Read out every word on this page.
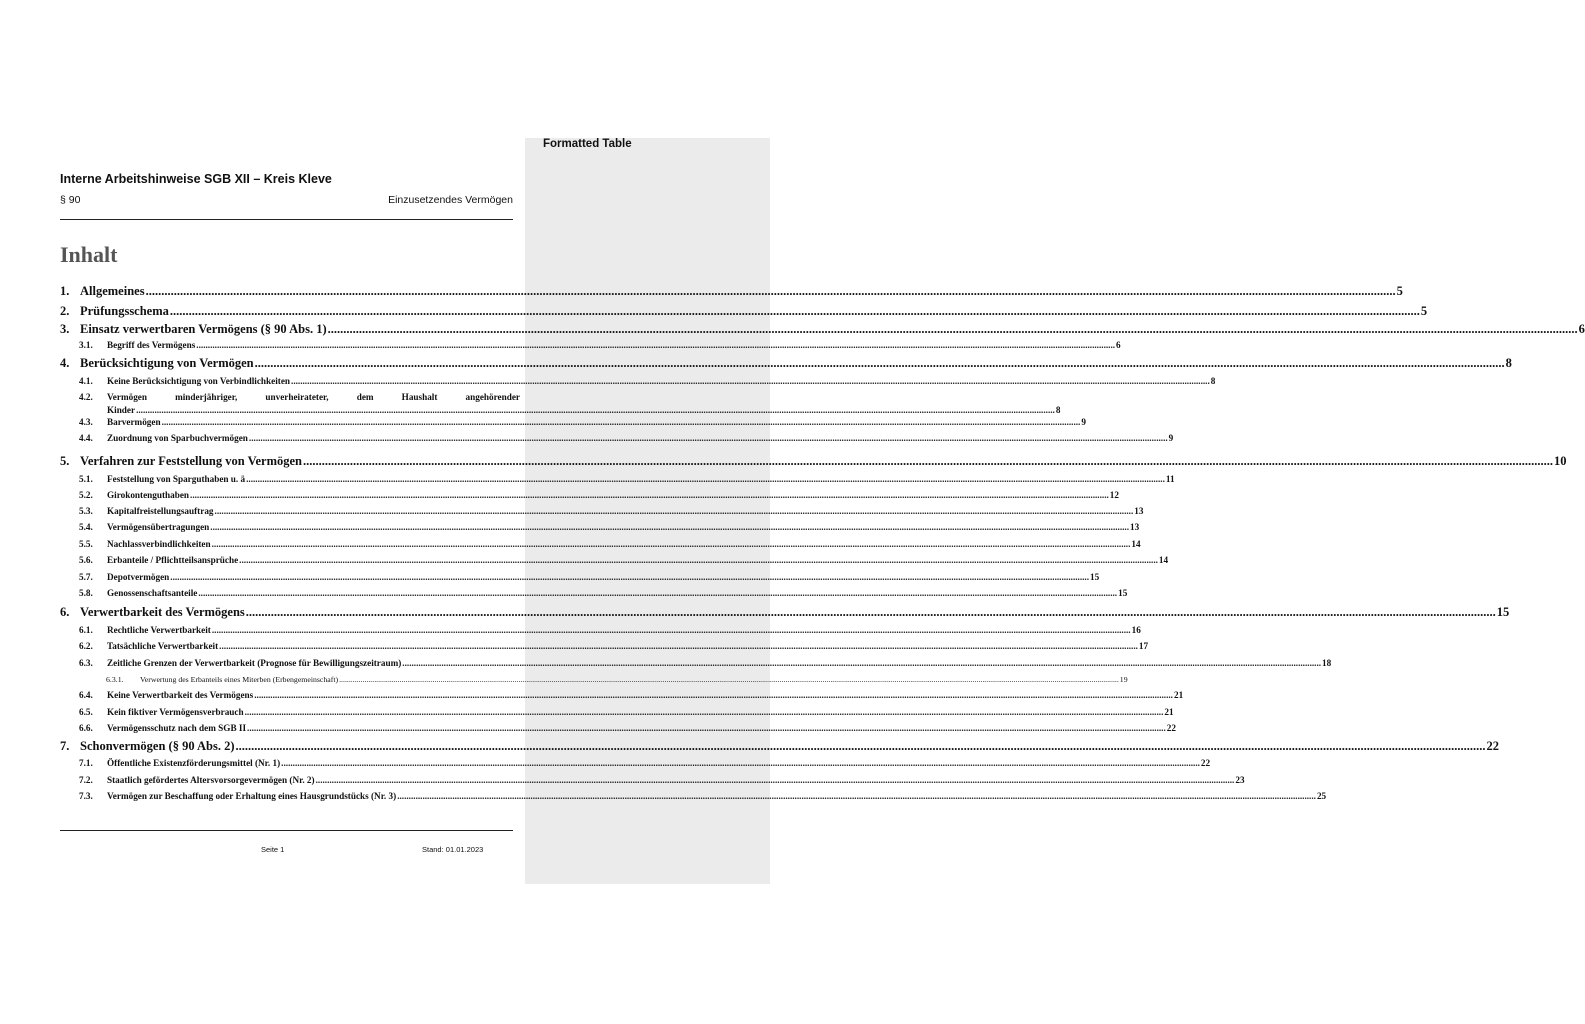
Formatted Table
Interne Arbeitshinweise SGB XII – Kreis Kleve
§ 90	Einzusetzendes Vermögen
Inhalt
1. Allgemeines ................................................................................................................................................................................................................................................................................................................................................................................................................ 5
2. Prüfungsschema ................................................................................................................................................................................................................................................................................................................................................................................................................ 5
3. Einsatz verwertbaren Vermögens (§ 90 Abs. 1) ................................................................................................................................................................................................................................................................................................................................................................................................................ 6
3.1.	Begriff des Vermögens ................................................................................................................................................................................................................................................................................................................................................................................................................ 6
4. Berücksichtigung von Vermögen ................................................................................................................................................................................................................................................................................................................................................................................................................ 8
4.1.	Keine Berücksichtigung von Verbindlichkeiten ................................................................................................................................................................................................................................................................................................................................................................................................................ 8
4.2.	Vermögen minderjähriger, unverheirateter, dem Haushalt angehörender
Kinder ................................................................................................................................................................................................................................................................................................................................................................................................................ 8
4.3.	Barvermögen ................................................................................................................................................................................................................................................................................................................................................................................................................ 9
4.4.	Zuordnung von Sparbuchvermögen ................................................................................................................................................................................................................................................................................................................................................................................................................ 9
5. Verfahren zur Feststellung von Vermögen ................................................................................................................................................................................................................................................................................................................................................................................................................ 10
5.1.	Feststellung von Sparguthaben u. ä ................................................................................................................................................................................................................................................................................................................................................................................................................ 11
5.2.	Girokontenguthaben ................................................................................................................................................................................................................................................................................................................................................................................................................ 12
5.3.	Kapitalfreistellungsauftrag ................................................................................................................................................................................................................................................................................................................................................................................................................ 13
5.4.	Vermögensübertragungen ................................................................................................................................................................................................................................................................................................................................................................................................................ 13
5.5.	Nachlassverbindlichkeiten ................................................................................................................................................................................................................................................................................................................................................................................................................ 14
5.6.	Erbanteile / Pflichtteilsansprüche ................................................................................................................................................................................................................................................................................................................................................................................................................ 14
5.7.	Depotvermögen ................................................................................................................................................................................................................................................................................................................................................................................................................ 15
5.8.	Genossenschaftsanteile ................................................................................................................................................................................................................................................................................................................................................................................................................ 15
6. Verwertbarkeit des Vermögens ................................................................................................................................................................................................................................................................................................................................................................................................................ 15
6.1.	Rechtliche Verwertbarkeit ................................................................................................................................................................................................................................................................................................................................................................................................................ 16
6.2.	Tatsächliche Verwertbarkeit ................................................................................................................................................................................................................................................................................................................................................................................................................ 17
6.3.	Zeitliche Grenzen der Verwertbarkeit (Prognose für Bewilligungszeitraum) ................................................................................................................................................................................................................................................................................................................................................................................................................ 18
6.3.1.	Verwertung des Erbanteils eines Miterben (Erbengemeinschaft) ................................................................................................................................................................................................................................................................................................................................................................................................................ 19
6.4.	Keine Verwertbarkeit des Vermögens ................................................................................................................................................................................................................................................................................................................................................................................................................ 21
6.5.	Kein fiktiver Vermögensverbrauch ................................................................................................................................................................................................................................................................................................................................................................................................................ 21
6.6.	Vermögensschutz nach dem SGB II ................................................................................................................................................................................................................................................................................................................................................................................................................ 22
7. Schonvermögen (§ 90 Abs. 2) ................................................................................................................................................................................................................................................................................................................................................................................................................ 22
7.1.	Öffentliche Existenzförderungsmittel (Nr. 1) ................................................................................................................................................................................................................................................................................................................................................................................................................ 22
7.2.	Staatlich gefördertes Altersvorsorgevermögen (Nr. 2) ................................................................................................................................................................................................................................................................................................................................................................................................................ 23
7.3.	Vermögen zur Beschaffung oder Erhaltung eines Hausgrundstücks (Nr. 3) ................................................................................................................................................................................................................................................................................................................................................................................................................ 25
Seite 1	Stand: 01.01.2023
